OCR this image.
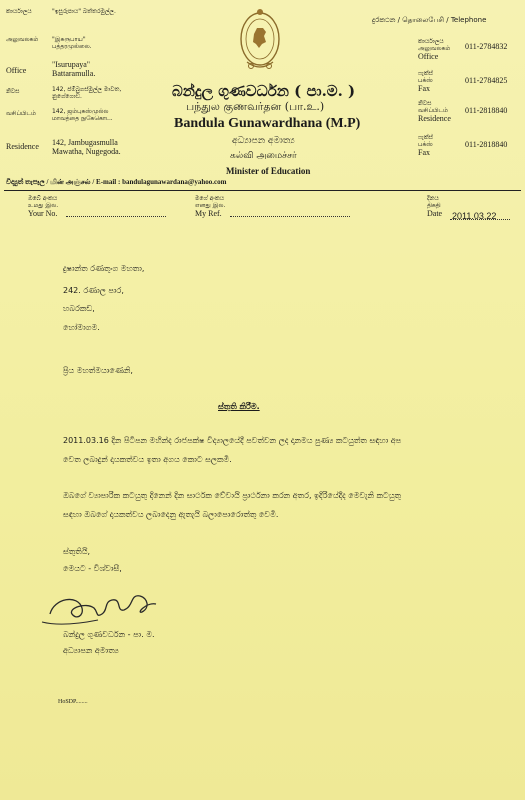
කාර්යාලය
அலுவலகம்
Office
"ඉසුරුපාය" බත්තරමුල්ල.
"இசுருபாய" பத்தரமுல்லை.
"Isurupaya" Battaramulla.
නිවස
வசிப்பிடம்
Residence
142, ජම්බුගස්මුල්ල මාවත, නුගේගොඩ.
142, ஜம்புகஸ்முல்ல மாவத்தை நுகேகொட.
142, Jambugasmulla Mawatha, Nugegoda.
බන්දුල ගුණවර්ධන ( පා.ම. )
பந்துல குணவர்தன (பா.உ.)
Bandula Gunawardhana (M.P)
අධ්‍යාපන අමාත්‍ය
கல்வி அமைச்சர்
Minister of Education
දුරකථන / தொலைபேசி / Telephone
කාර්යාලය
அலுவலகம்
Office
011-2784832
ෆැක්ස්
பக்ஸ்
Fax
011-2784825
නිවස
வசிப்பிடம்
Residence
011-2818840
ෆැක්ස්
பக்ஸ்
Fax
011-2818840
විද්‍යුත් තැපෑල / மின் அஞ்சல் / E-mail : bandulagunawardana@yahoo.com
ඔබේ අංකය
உமது இல.
Your No.
මගේ අංකය
எனது இல.
My Ref.
දිනය
திகதி
Date 2011.03.22
දුෂාන්ත රණතුංග මහතා,
242. රණාල පාර,
හබරකඩ,
හෝමාගම.
ප්‍රිය මහත්මයාණෙනි,
ස්තුති කිරීම.
2011.03.16 දින පිටිපන මහින්ද රාජපක්ෂ විද්‍යාලයේදී පවත්වන ලද දානමය පුණ්‍ය කටයුත්ත සඳහා අප
වෙත ලබාදුන් දායකත්වය ඉතා අගය කොට සලකමි.
ඔබගේ ව්‍යාපාරික කටයුතු දිනෙන් දින සාර්ථක වේවායි ප්‍රාර්ථනා කරන අතර, ඉදිරියේදීද මෙවැනි කටයුතු
සඳහා ඔබගේ දායකත්වය ලබාදෙනු ඇතැයි බලාපොරොත්තු වෙමි.
ස්තුතියි,
මෙයට - විශ්වාසී,
බන්දුල ගුණවර්ධන - පා. ම.
අධ්‍යාපන අමාත්‍ය
HoSDP........
